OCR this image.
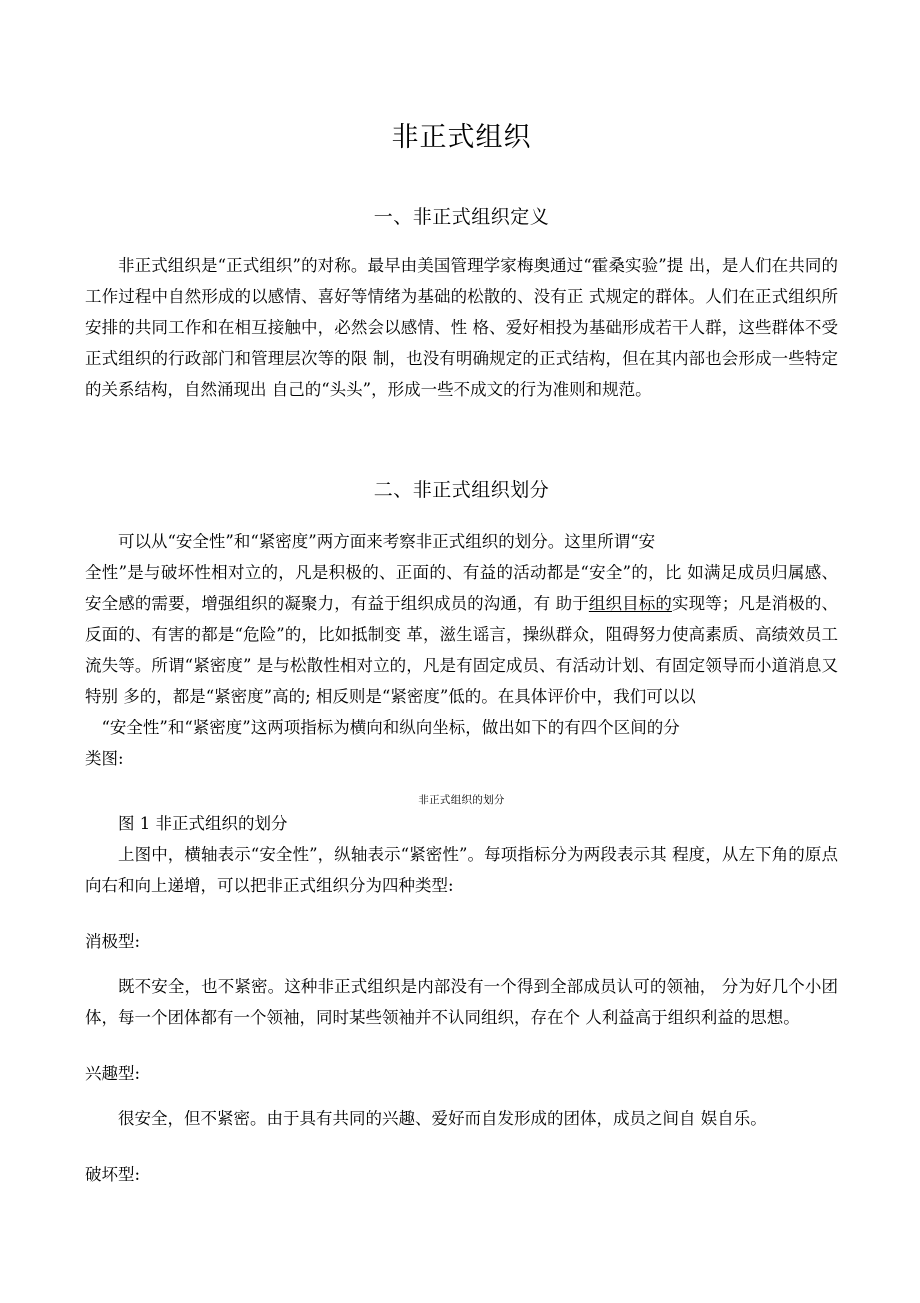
非正式组织
一、非正式组织定义

非正式组织是“正式组织”的对称。最早由美国管理学家梅奥通过“霍桑实验”提 出，是人们在共同的工作过程中自然形成的以感情、喜好等情绪为基础的松散的、没有正 式规定的群体。人们在正式组织所安排的共同工作和在相互接触中，必然会以感情、性 格、爱好相投为基础形成若干人群，这些群体不受正式组织的行政部门和管理层次等的限 制，也没有明确规定的正式结构，但在其内部也会形成一些特定的关系结构，自然涌现出 自己的“头头”，形成一些不成文的行为准则和规范。

二、非正式组织划分

可以从“安全性”和“紧密度”两方面来考察非正式组织的划分。这里所谓“安

全性”是与破坏性相对立的，凡是积极的、正面的、有益的活动都是“安全”的，比 如满足成员归属感、安全感的需要，增强组织的凝聚力，有益于组织成员的沟通，有 助于组织目标的实现等；凡是消极的、反面的、有害的都是“危险”的，比如抵制变 革，滋生谣言，操纵群众，阻碍努力使高素质、高绩效员工流失等。所谓“紧密度” 是与松散性相对立的，凡是有固定成员、有活动计划、有固定领导而小道消息又特别 多的，都是“紧密度”高的; 相反则是“紧密度”低的。在具体评价中，我们可以以

“安全性”和“紧密度”这两项指标为横向和纵向坐标，做出如下的有四个区间的分

类图:

非正式组织的划分

图 1 非正式组织的划分

上图中，横轴表示“安全性”，纵轴表示“紧密性”。每项指标分为两段表示其 程度，从左下角的原点向右和向上递增，可以把非正式组织分为四种类型:

消极型:

既不安全，也不紧密。这种非正式组织是内部没有一个得到全部成员认可的领袖， 分为好几个小团体，每一个团体都有一个领袖，同时某些领袖并不认同组织，存在个 人利益高于组织利益的思想。

兴趣型:

很安全，但不紧密。由于具有共同的兴趣、爱好而自发形成的团体，成员之间自 娱自乐。

破坏型:
